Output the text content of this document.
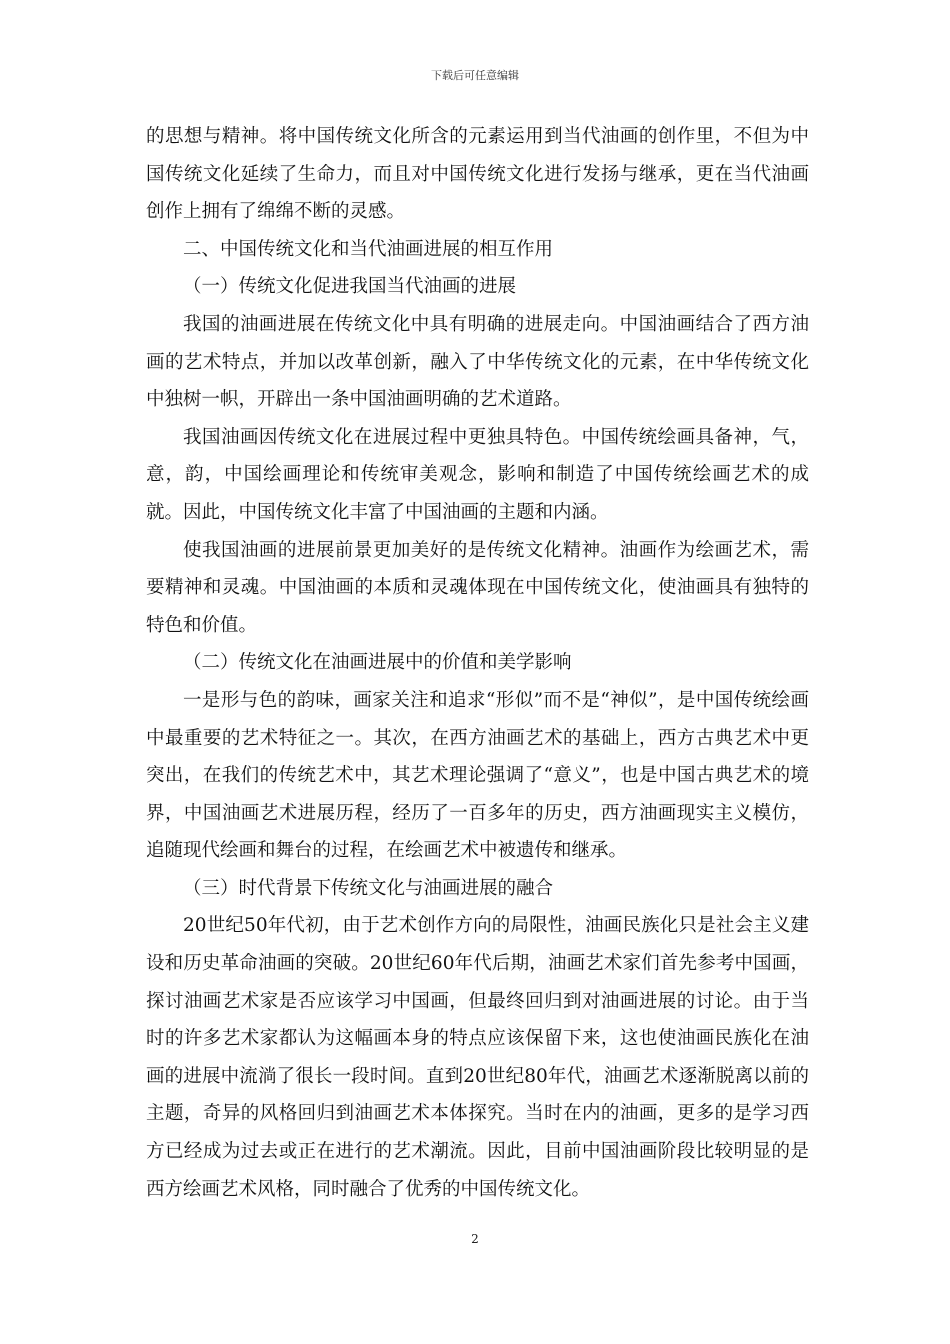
下载后可任意编辑

的思想与精神。将中国传统文化所含的元素运用到当代油画的创作里，不但为中国传统文化延续了生命力，而且对中国传统文化进行发扬与继承，更在当代油画创作上拥有了绵绵不断的灵感。

二、中国传统文化和当代油画进展的相互作用

（一）传统文化促进我国当代油画的进展

我国的油画进展在传统文化中具有明确的进展走向。中国油画结合了西方油画的艺术特点，并加以改革创新，融入了中华传统文化的元素，在中华传统文化中独树一帜，开辟出一条中国油画明确的艺术道路。

我国油画因传统文化在进展过程中更独具特色。中国传统绘画具备神，气，意，韵，中国绘画理论和传统审美观念，影响和制造了中国传统绘画艺术的成就。因此，中国传统文化丰富了中国油画的主题和内涵。

使我国油画的进展前景更加美好的是传统文化精神。油画作为绘画艺术，需要精神和灵魂。中国油画的本质和灵魂体现在中国传统文化，使油画具有独特的特色和价值。

（二）传统文化在油画进展中的价值和美学影响

一是形与色的韵味，画家关注和追求“形似”而不是“神似”，是中国传统绘画中最重要的艺术特征之一。其次，在西方油画艺术的基础上，西方古典艺术中更突出，在我们的传统艺术中，其艺术理论强调了“意义”，也是中国古典艺术的境界，中国油画艺术进展历程，经历了一百多年的历史，西方油画现实主义模仿，追随现代绘画和舞台的过程，在绘画艺术中被遗传和继承。

（三）时代背景下传统文化与油画进展的融合

20世纪50年代初，由于艺术创作方向的局限性，油画民族化只是社会主义建设和历史革命油画的突破。20世纪60年代后期，油画艺术家们首先参考中国画，探讨油画艺术家是否应该学习中国画，但最终回归到对油画进展的讨论。由于当时的许多艺术家都认为这幅画本身的特点应该保留下来，这也使油画民族化在油画的进展中流淌了很长一段时间。直到20世纪80年代，油画艺术逐渐脱离以前的主题，奇异的风格回归到油画艺术本体探究。当时在内的油画，更多的是学习西方已经成为过去或正在进行的艺术潮流。因此，目前中国油画阶段比较明显的是西方绘画艺术风格，同时融合了优秀的中国传统文化。

2
